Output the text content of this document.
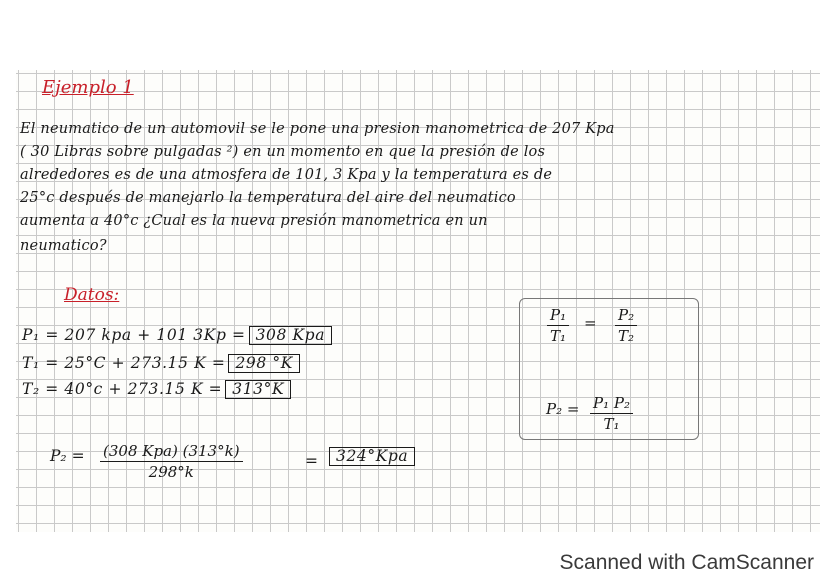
Ejemplo 1
El neumatico de un automovil se le pone una presion manometrica de 207 Kpa
( 30 Libras sobre pulgadas ²) en un momento en que la presión de los
alrededores es de una atmosfera de 101, 3 Kpa y la temperatura es de
25°c después de manejarlo la temperatura del aire del neumatico
aumenta a 40°c ¿Cual es la nueva presión manometrica en un
neumatico?
Datos:
P₁ = 207 kpa + 101 3Kp = 308 Kpa
T₁ = 25°C + 273.15 K = 298 °K
T₂ = 40°c + 273.15 K = 313°K
$\frac{\text{P₁}}{\text{T₁}} = \frac{\text{P₂}}{\text{T₂}}$
$P_2 = \frac{\text{P₁ P₂}}{\text{T₁}}$
P₂ = (308 Kpa) (313°k)
298°k
=	324°Kpa
Scanned with CamScanner
